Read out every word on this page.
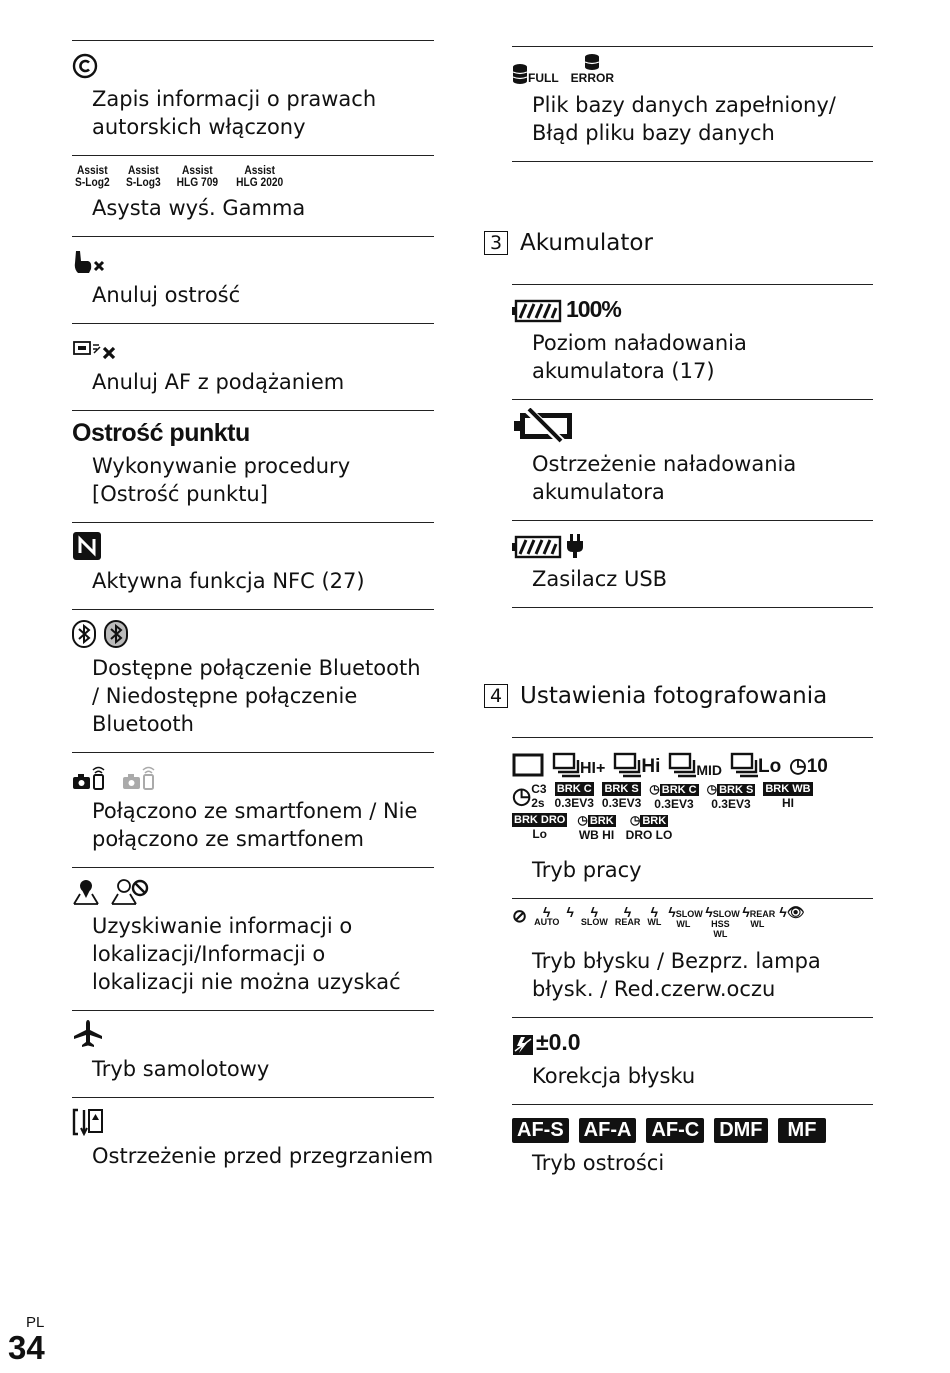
Zapis informacji o prawach autorskich włączony
Assist
S-Log2
Assist
S-Log3
Assist
HLG 709
Assist
HLG 2020
Asysta wyś. Gamma
Anuluj ostrość
Anuluj AF z podążaniem
Ostrość punktu
Wykonywanie procedury [Ostrość punktu]
Aktywna funkcja NFC (27)
Dostępne połączenie Bluetooth / Niedostępne połączenie Bluetooth
Połączono ze smartfonem / Nie połączono ze smartfonem
Uzyskiwanie informacji o lokalizacji/Informacji o lokalizacji nie można uzyskać
Tryb samolotowy
Ostrzeżenie przed przegrzaniem
FULL ERROR
Plik bazy danych zapełniony/ Błąd pliku bazy danych
3 Akumulator
100%
Poziom naładowania akumulatora (17)
Ostrzeżenie naładowania akumulatora
Zasilacz USB
4 Ustawienia fotografowania
HI+ Hi	MID Lo ◷ 10
◷ C3
2s
BRK C
0.3EV3
BRK S
0.3EV3
◷ BRK C
0.3EV3
◷ BRK S
0.3EV3
BRK WB
HI
BRK DRO
Lo
◷ BRK
WB HI
◷ BRK
DRO LO
Tryb pracy
⊘ ϟ
AUTO
ϟ ϟ
SLOW
ϟ
REAR
ϟ
WL
ϟSLOW WL
ϟSLOW HSS WL
ϟREAR WL
ϟ👁
Tryb błysku / Bezprz. lampa błysk. / Red.czerw.oczu
±0.0
Korekcja błysku
AF-S AF-A AF-C DMF	MF
Tryb ostrości
PL
34
